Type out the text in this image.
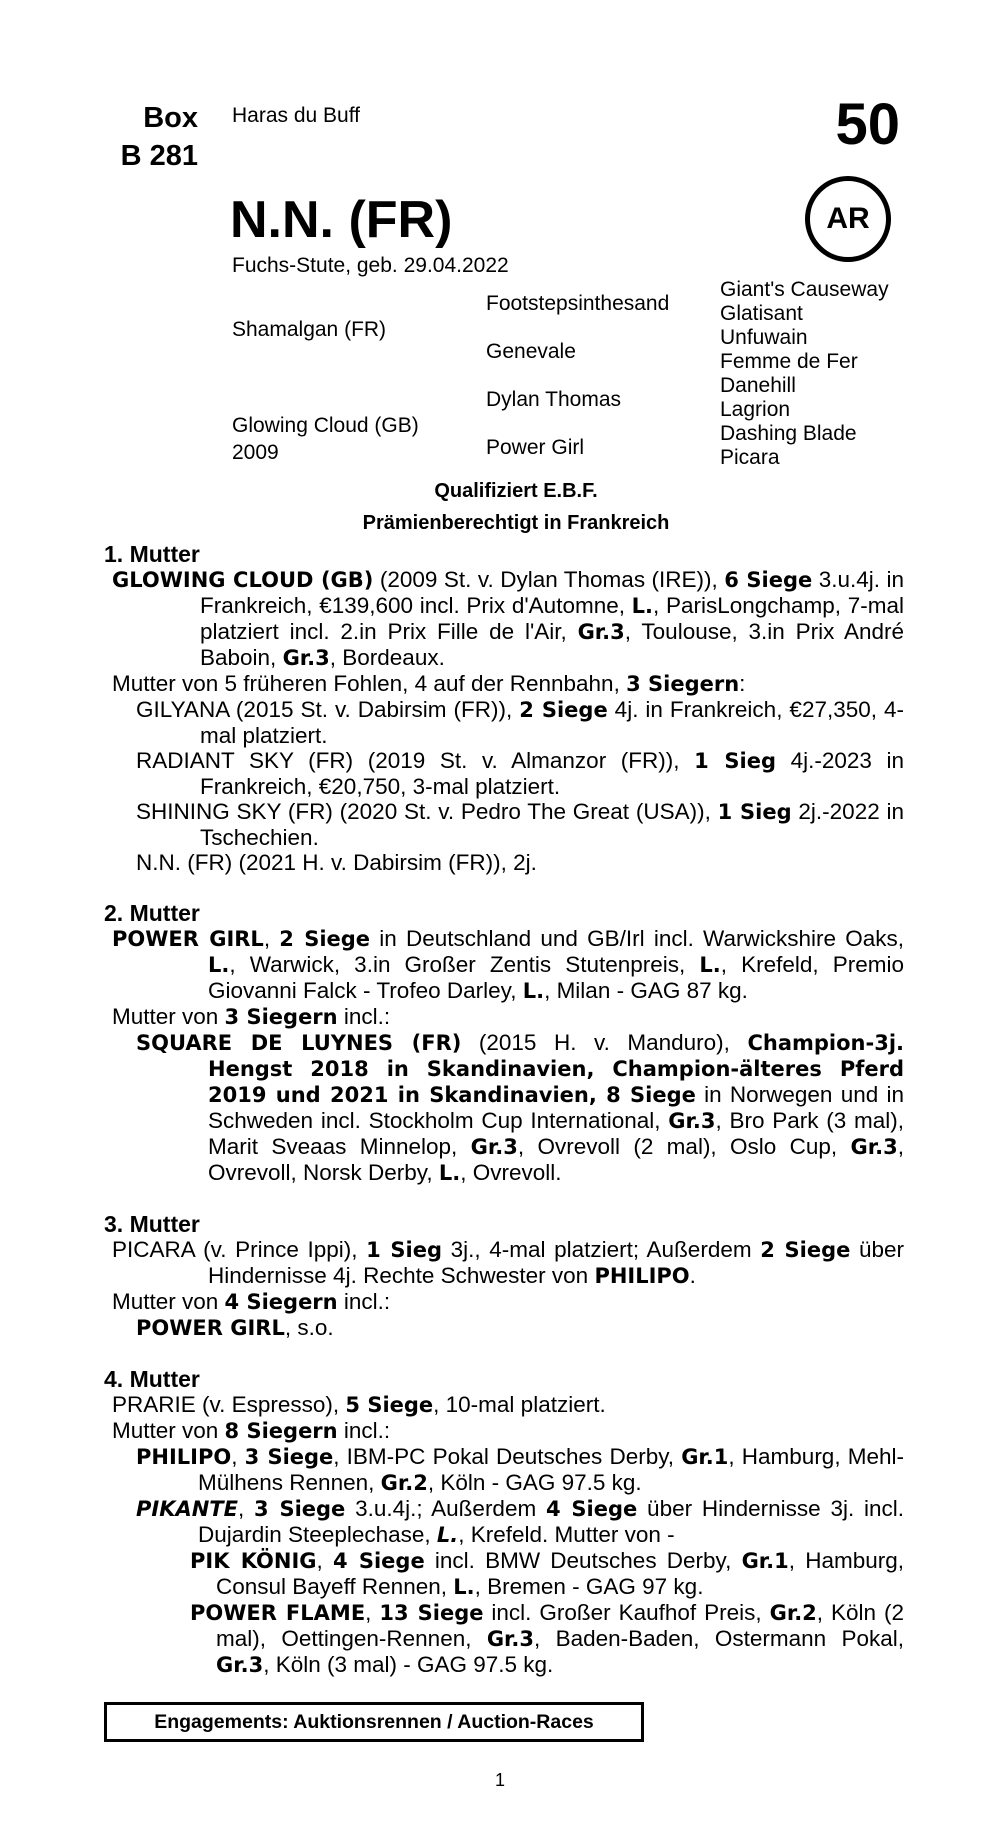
Box
B 281
Haras du Buff	50
N.N. (FR)	AR
Fuchs-Stute, geb. 29.04.2022
Shamalgan (FR)
Glowing Cloud (GB)
2009
Footstepsinthesand
Genevale
Dylan Thomas
Power Girl
Giant's Causeway
Glatisant
Unfuwain
Femme de Fer
Danehill
Lagrion
Dashing Blade
Picara
Qualifiziert E.B.F.
Prämienberechtigt in Frankreich
1. Mutter
GLOWING CLOUD (GB) (2009 St. v. Dylan Thomas (IRE)), 6 Siege 3.u.4j. in Frankreich, €139,600 incl. Prix d'Automne, L., ParisLongchamp, 7-mal platziert incl. 2.in Prix Fille de l'Air, Gr.3, Toulouse, 3.in Prix André Baboin, Gr.3, Bordeaux.
Mutter von 5 früheren Fohlen, 4 auf der Rennbahn, 3 Siegern:
GILYANA (2015 St. v. Dabirsim (FR)), 2 Siege 4j. in Frankreich, €27,350, 4-mal platziert.
RADIANT SKY (FR) (2019 St. v. Almanzor (FR)), 1 Sieg 4j.-2023 in Frankreich, €20,750, 3-mal platziert.
SHINING SKY (FR) (2020 St. v. Pedro The Great (USA)), 1 Sieg 2j.-2022 in Tschechien.
N.N. (FR) (2021 H. v. Dabirsim (FR)), 2j.
2. Mutter
POWER GIRL, 2 Siege in Deutschland und GB/Irl incl. Warwickshire Oaks, L., Warwick, 3.in Großer Zentis Stutenpreis, L., Krefeld, Premio Giovanni Falck - Trofeo Darley, L., Milan - GAG 87 kg.
Mutter von 3 Siegern incl.:
SQUARE DE LUYNES (FR) (2015 H. v. Manduro), Champion-3j. Hengst 2018 in Skandinavien, Champion-älteres Pferd 2019 und 2021 in Skandinavien, 8 Siege in Norwegen und in Schweden incl. Stockholm Cup International, Gr.3, Bro Park (3 mal), Marit Sveaas Minnelop, Gr.3, Ovrevoll (2 mal), Oslo Cup, Gr.3, Ovrevoll, Norsk Derby, L., Ovrevoll.
3. Mutter
PICARA (v. Prince Ippi), 1 Sieg 3j., 4-mal platziert; Außerdem 2 Siege über Hindernisse 4j. Rechte Schwester von PHILIPO.
Mutter von 4 Siegern incl.:
POWER GIRL, s.o.
4. Mutter
PRARIE (v. Espresso), 5 Siege, 10-mal platziert.
Mutter von 8 Siegern incl.:
PHILIPO, 3 Siege, IBM-PC Pokal Deutsches Derby, Gr.1, Hamburg, Mehl-Mülhens Rennen, Gr.2, Köln - GAG 97.5 kg.
PIKANTE, 3 Siege 3.u.4j.; Außerdem 4 Siege über Hindernisse 3j. incl. Dujardin Steeplechase, L., Krefeld. Mutter von -
PIK KÖNIG, 4 Siege incl. BMW Deutsches Derby, Gr.1, Hamburg, Consul Bayeff Rennen, L., Bremen - GAG 97 kg.
POWER FLAME, 13 Siege incl. Großer Kaufhof Preis, Gr.2, Köln (2 mal), Oettingen-Rennen, Gr.3, Baden-Baden, Ostermann Pokal, Gr.3, Köln (3 mal) - GAG 97.5 kg.
Engagements: Auktionsrennen / Auction-Races
1
